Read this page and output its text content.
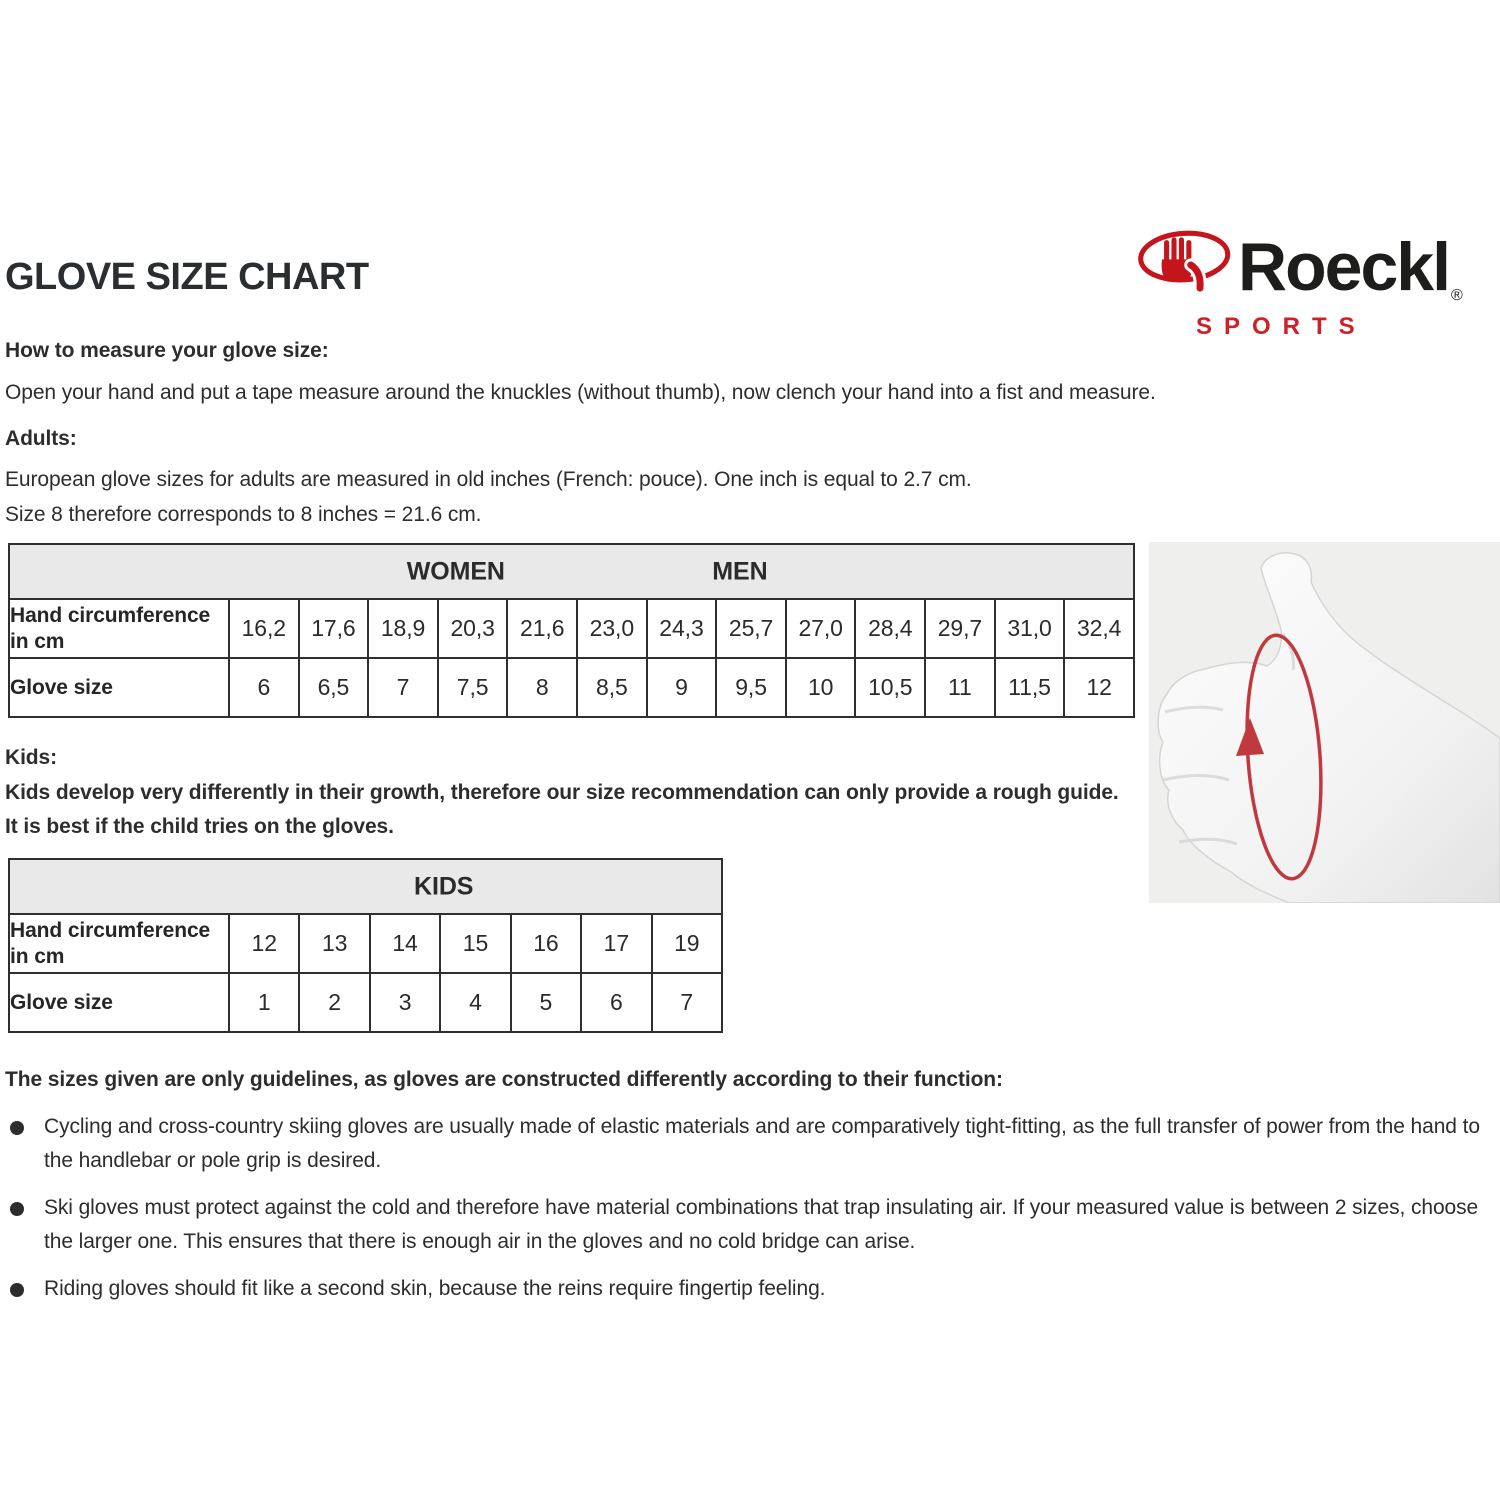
GLOVE SIZE CHART	Roeckl ®
SPORTS
How to measure your glove size:
Open your hand and put a tape measure around the knuckles (without thumb), now clench your hand into a fist and measure.
Adults:
European glove sizes for adults are measured in old inches (French: pouce). One inch is equal to 2.7 cm.
Size 8 therefore corresponds to 8 inches = 21.6 cm.
WOMEN MEN													

Hand circumference in cm	16,2	17,6	18,9	20,3	21,6	23,0	24,3	25,7	27,0	28,4	29,7	31,0	32,4
Glove size	6	6,5	7	7,5	8	8,5	9	9,5	10	10,5	11	11,5	12
Kids:
Kids develop very differently in their growth, therefore our size recommendation can only provide a rough guide. It is best if the child tries on the gloves.
KIDS							

Hand circumference in cm	12	13	14	15	16	17	19
Glove size	1	2	3	4	5	6	7
The sizes given are only guidelines, as gloves are constructed differently according to their function:
Cycling and cross-country skiing gloves are usually made of elastic materials and are comparatively tight-fitting, as the full transfer of power from the hand to the handlebar or pole grip is desired.
Ski gloves must protect against the cold and therefore have material combinations that trap insulating air. If your measured value is between 2 sizes, choose the larger one. This ensures that there is enough air in the gloves and no cold bridge can arise.
Riding gloves should fit like a second skin, because the reins require fingertip feeling.
